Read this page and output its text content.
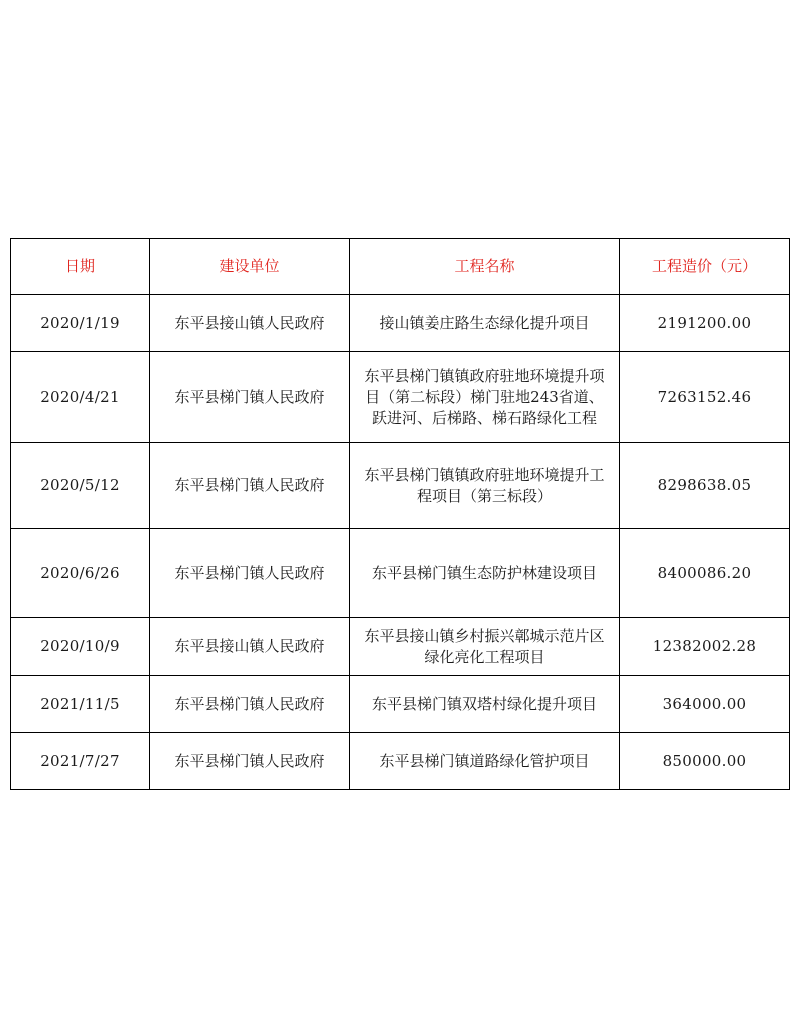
日期	建设单位	工程名称	工程造价（元）
2020/1/19	东平县接山镇人民政府	接山镇姜庄路生态绿化提升项目	2191200.00
2020/4/21	东平县梯门镇人民政府	东平县梯门镇镇政府驻地环境提升项目（第二标段）梯门驻地243省道、跃进河、后梯路、梯石路绿化工程	7263152.46
2020/5/12	东平县梯门镇人民政府	东平县梯门镇镇政府驻地环境提升工程项目（第三标段）	8298638.05
2020/6/26	东平县梯门镇人民政府	东平县梯门镇生态防护林建设项目	8400086.20
2020/10/9	东平县接山镇人民政府	东平县接山镇乡村振兴鄣城示范片区绿化亮化工程项目	12382002.28
2021/11/5	东平县梯门镇人民政府	东平县梯门镇双塔村绿化提升项目	364000.00
2021/7/27	东平县梯门镇人民政府	东平县梯门镇道路绿化管护项目	850000.00
